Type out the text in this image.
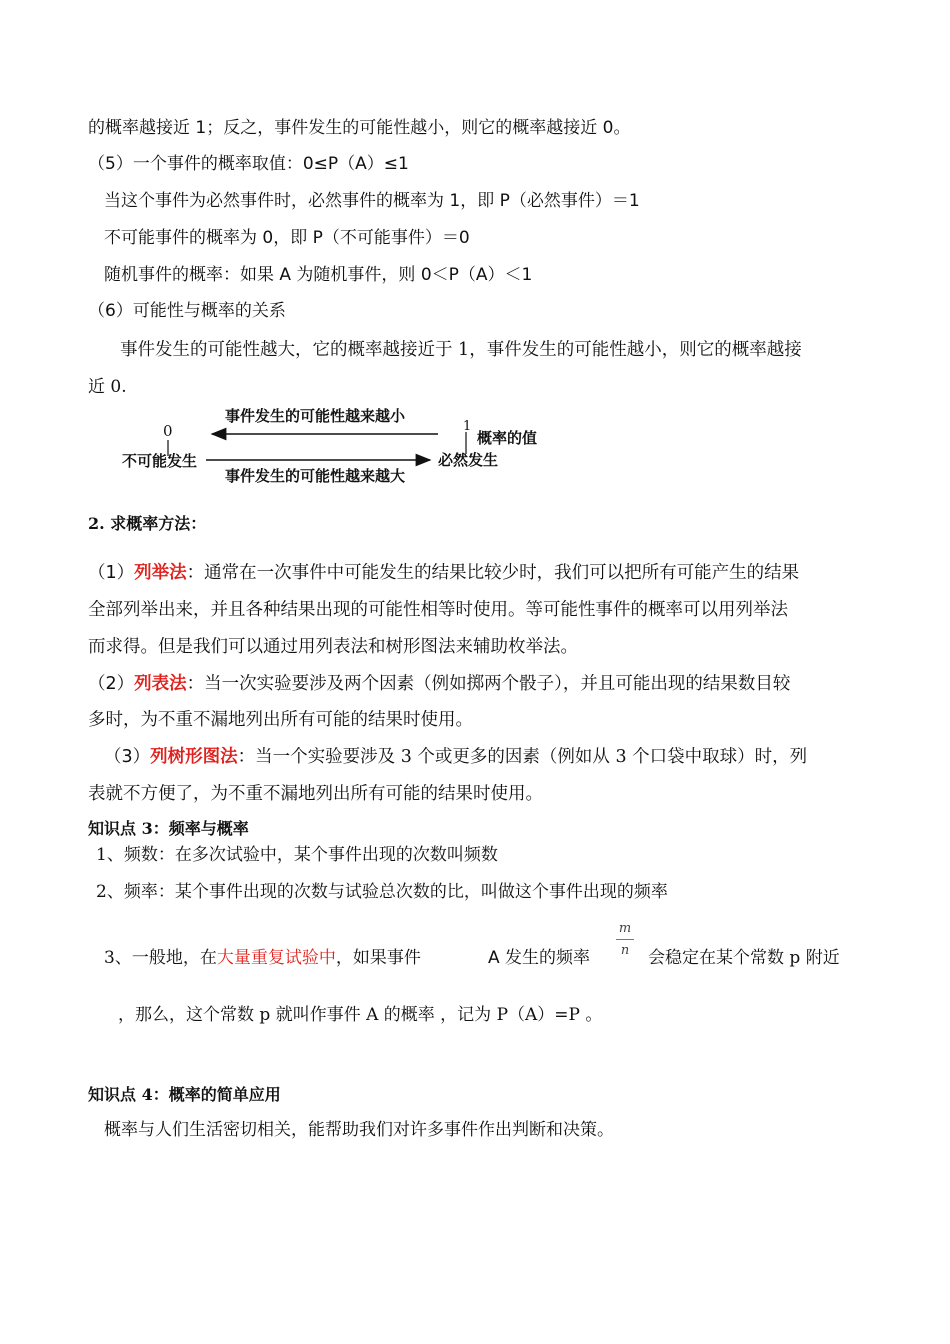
的概率越接近 1；反之，事件发生的可能性越小，则它的概率越接近 0。
（5）一个事件的概率取值：0≤P（A）≤1
当这个事件为必然事件时，必然事件的概率为 1，即 P（必然事件）＝1
不可能事件的概率为 0，即 P（不可能事件）＝0
随机事件的概率：如果 A 为随机事件，则 0＜P（A）＜1
（6）可能性与概率的关系
事件发生的可能性越大，它的概率越接近于 1，事件发生的可能性越小，则它的概率越接
近 0.
0	1
事件发生的可能性越来越小
事件发生的可能性越来越大
不可能发生	必然发生
概率的值
2. 求概率方法：
（1）列举法：通常在一次事件中可能发生的结果比较少时，我们可以把所有可能产生的结果
全部列举出来，并且各种结果出现的可能性相等时使用。等可能性事件的概率可以用列举法
而求得。但是我们可以通过用列表法和树形图法来辅助枚举法。
（2）列表法：当一次实验要涉及两个因素（例如掷两个骰子），并且可能出现的结果数目较
多时，为不重不漏地列出所有可能的结果时使用。
（3）列树形图法：当一个实验要涉及 3 个或更多的因素（例如从 3 个口袋中取球）时，列
表就不方便了，为不重不漏地列出所有可能的结果时使用。
知识点 3：频率与概率
1、频数：在多次试验中，某个事件出现的次数叫频数
2、频率：某个事件出现的次数与试验总次数的比，叫做这个事件出现的频率
3、一般地，在大量重复试验中，如果事件	A 发生的频率
m
n	会稳定在某个常数 p 附近
，那么，这个常数 p 就叫作事件 A 的概率 ，记为 P（A）=P 。
知识点 4：概率的简单应用
概率与人们生活密切相关，能帮助我们对许多事件作出判断和决策。
